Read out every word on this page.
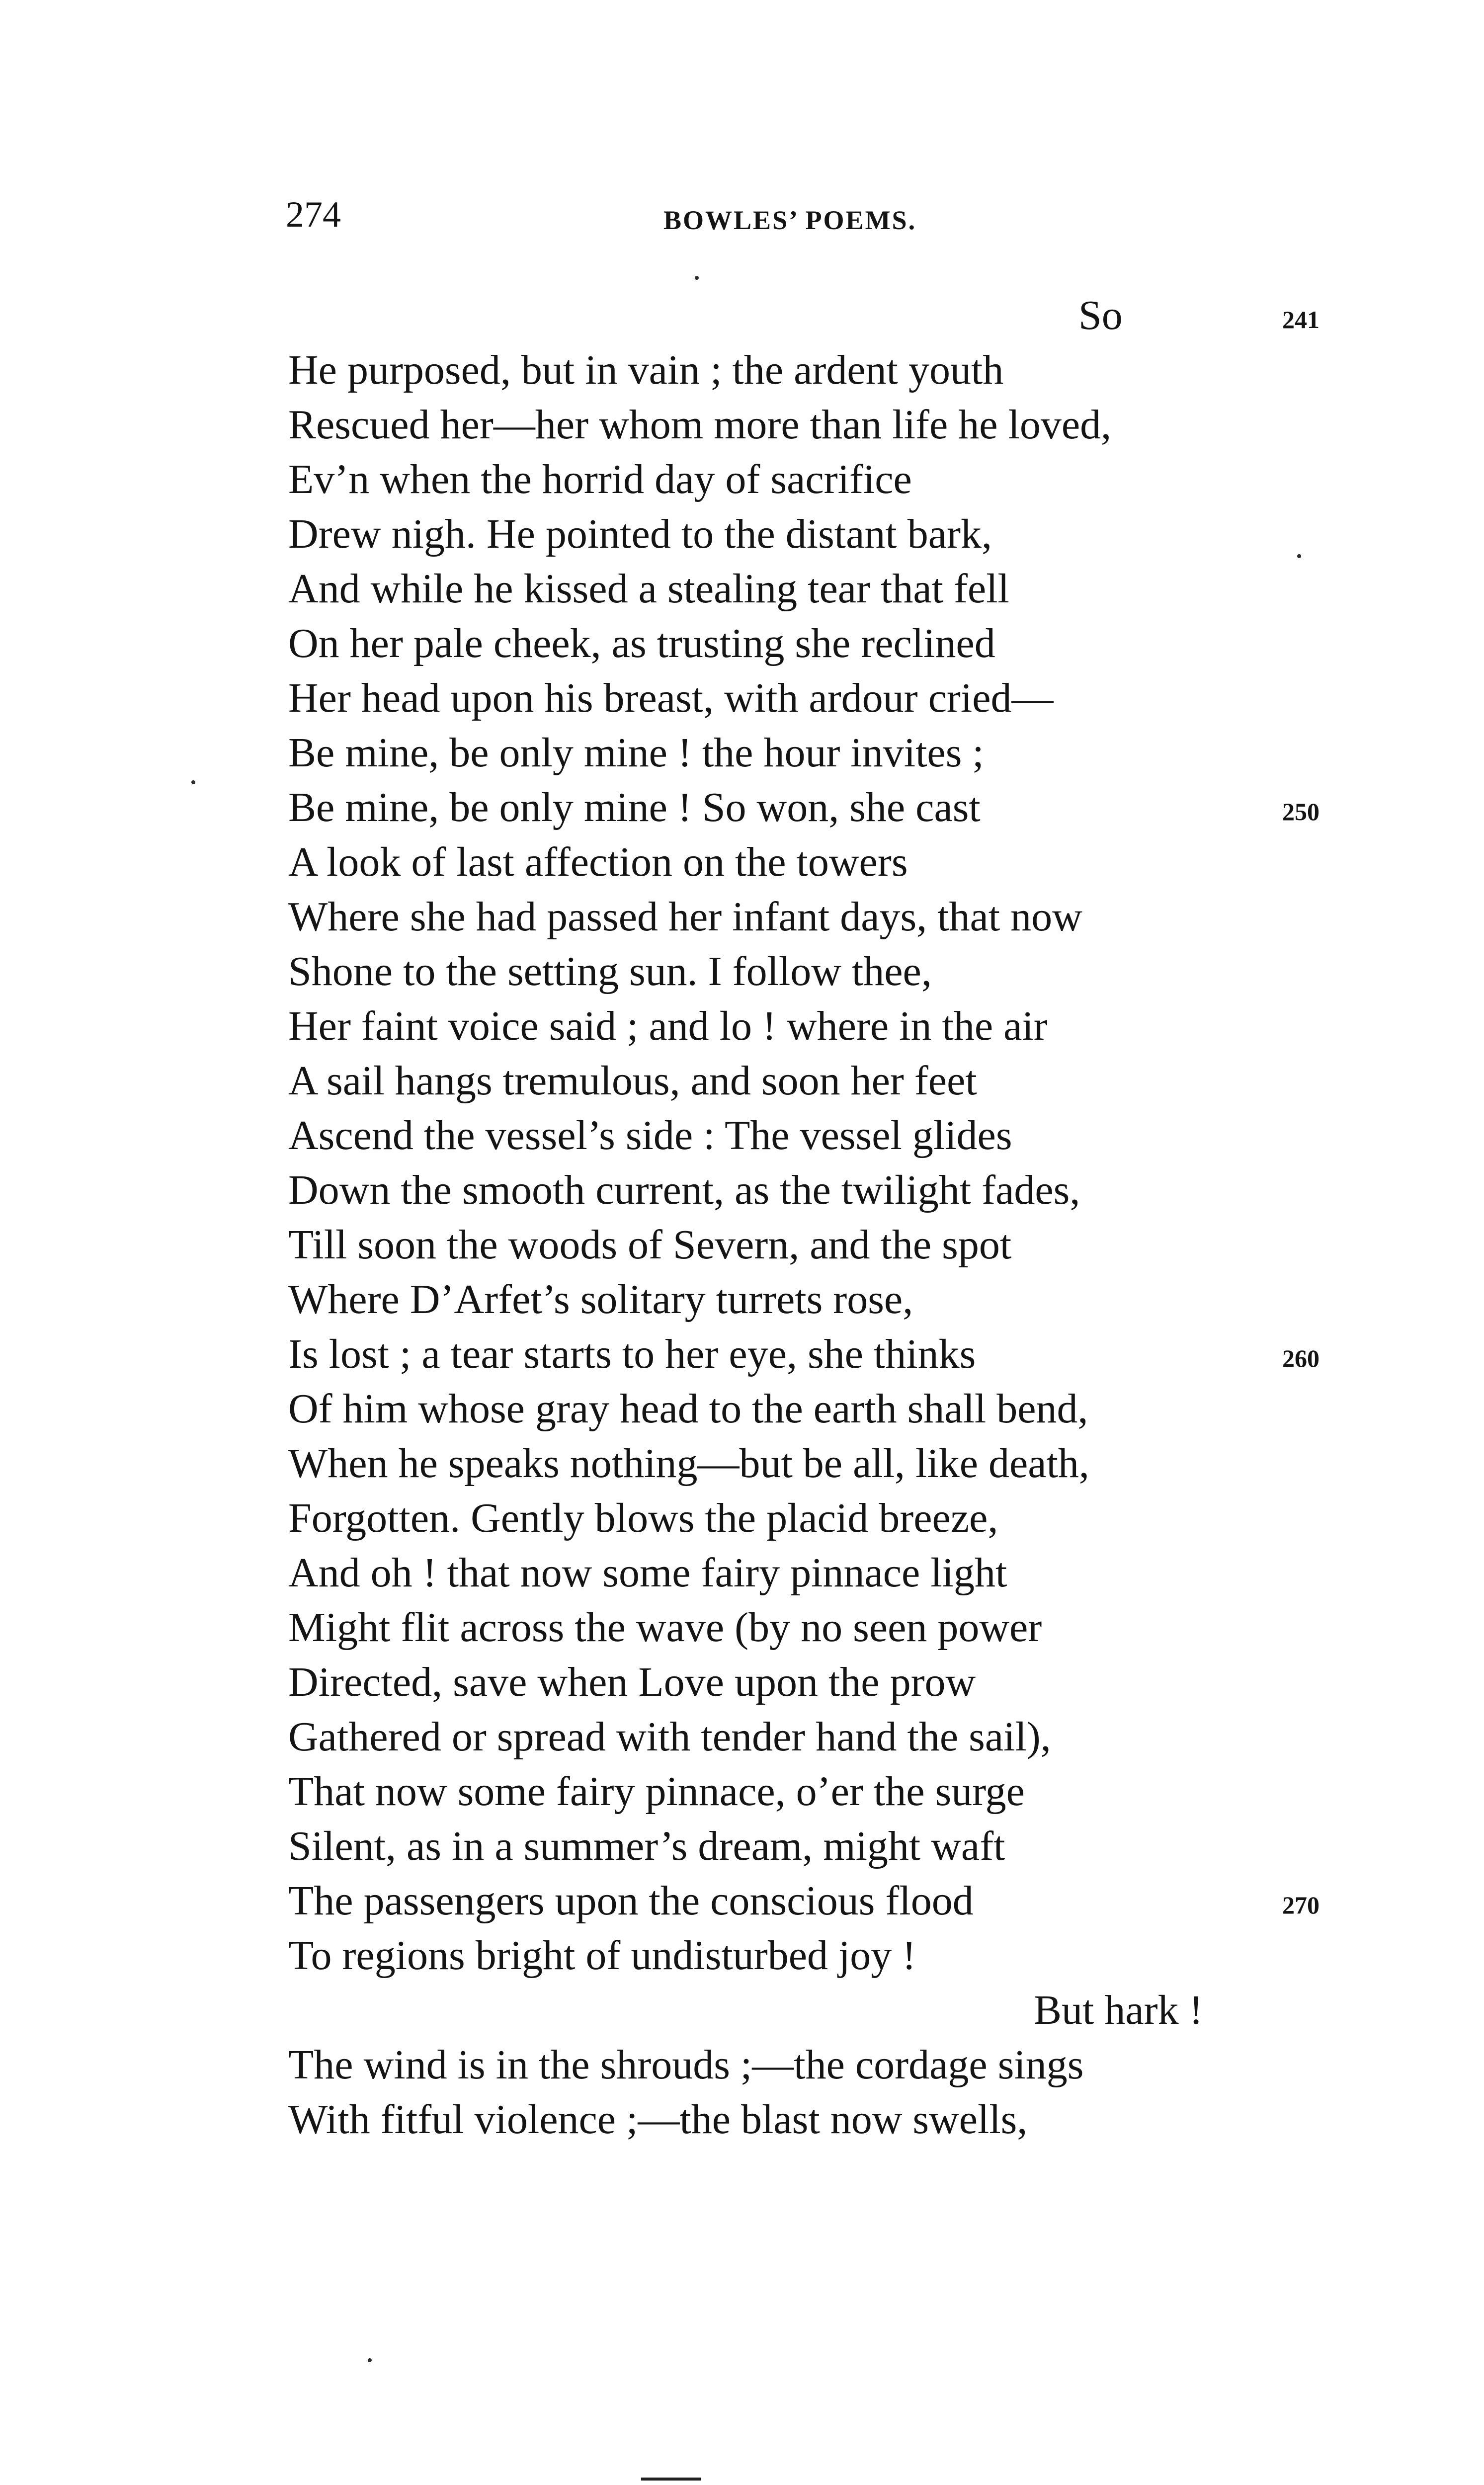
274	BOWLES’ POEMS.
So	241
He purposed, but in vain ; the ardent youth
Rescued her—her whom more than life he loved,
Ev’n when the horrid day of sacrifice
Drew nigh. He pointed to the distant bark,
And while he kissed a stealing tear that fell
On her pale cheek, as trusting she reclined
Her head upon his breast, with ardour cried—
Be mine, be only mine ! the hour invites ;
Be mine, be only mine ! So won, she cast	250
A look of last affection on the towers
Where she had passed her infant days, that now
Shone to the setting sun. I follow thee,
Her faint voice said ; and lo ! where in the air
A sail hangs tremulous, and soon her feet
Ascend the vessel’s side : The vessel glides
Down the smooth current, as the twilight fades,
Till soon the woods of Severn, and the spot
Where D’Arfet’s solitary turrets rose,
Is lost ; a tear starts to her eye, she thinks	260
Of him whose gray head to the earth shall bend,
When he speaks nothing—but be all, like death,
Forgotten. Gently blows the placid breeze,
And oh ! that now some fairy pinnace light
Might flit across the wave (by no seen power
Directed, save when Love upon the prow
Gathered or spread with tender hand the sail),
That now some fairy pinnace, o’er the surge
Silent, as in a summer’s dream, might waft
The passengers upon the conscious flood	270
To regions bright of undisturbed joy !
But hark !
The wind is in the shrouds ;—the cordage sings
With fitful violence ;—the blast now swells,
